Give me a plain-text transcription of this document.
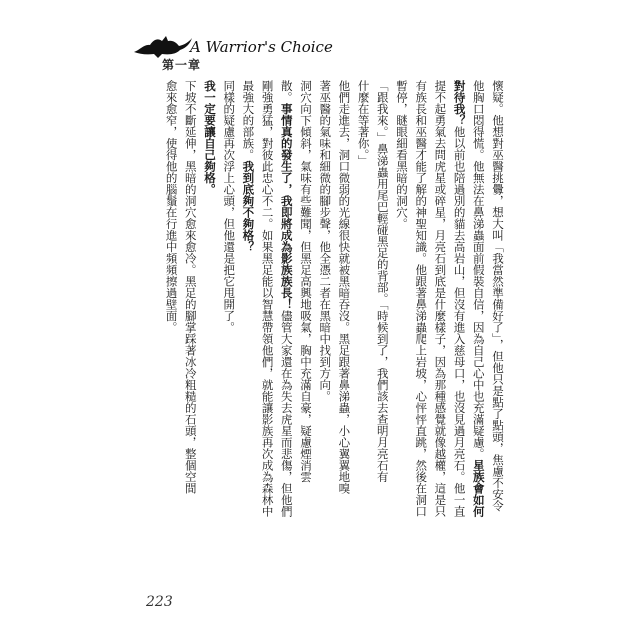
A Warrior's Choice
第一章
懷疑。他想對巫醫挑釁，想大叫「我當然準備好了」，但他只是點了點頭，焦慮不安令
他胸口悶得慌。他無法在鼻涕蟲面前假裝自信，因為自己心中也充滿疑慮。星族會如何
對待我？他以前也陪過別的貓去高岩山，但沒有進入慈母口，也沒見過月亮石。他一直
提不起勇氣去問虎星或碎星，月亮石到底是什麼樣子，因為那種感覺就像越權，這是只
有族長和巫醫才能了解的神聖知識。他跟著鼻涕蟲爬上岩坡，心怦怦直跳，然後在洞口
暫停，瞇眼細看黑暗的洞穴。
「跟我來。」鼻涕蟲用尾巴輕碰黑足的背部。「時候到了，我們該去查明月亮石有
什麼在等著你。」
他們走進去，洞口微弱的光線很快就被黑暗吞沒。黑足跟著鼻涕蟲，小心翼翼地嗅
著巫醫的氣味和細微的腳步聲，他全憑二者在黑暗中找到方向。
洞穴向下傾斜，氣味有些難聞，但黑足高興地吸氣，胸中充滿自豪，疑慮煙消雲
散。事情真的發生了，我即將成為影族族長！儘管大家還在為失去虎星而悲傷，但他們
剛強勇猛，對彼此忠心不二。如果黑足能以智慧帶領他們，就能讓影族再次成為森林中
最強大的部族。我到底夠不夠格？
同樣的疑慮再次浮上心頭，但他還是把它甩開了。
我一定要讓自己夠格。
下坡不斷延伸，黑暗的洞穴愈來愈冷。黑足的腳掌踩著冰冷粗糙的石頭，整個空間
愈來愈窄，使得他的腦鬚在行進中頻頻擦過壁面。
223
